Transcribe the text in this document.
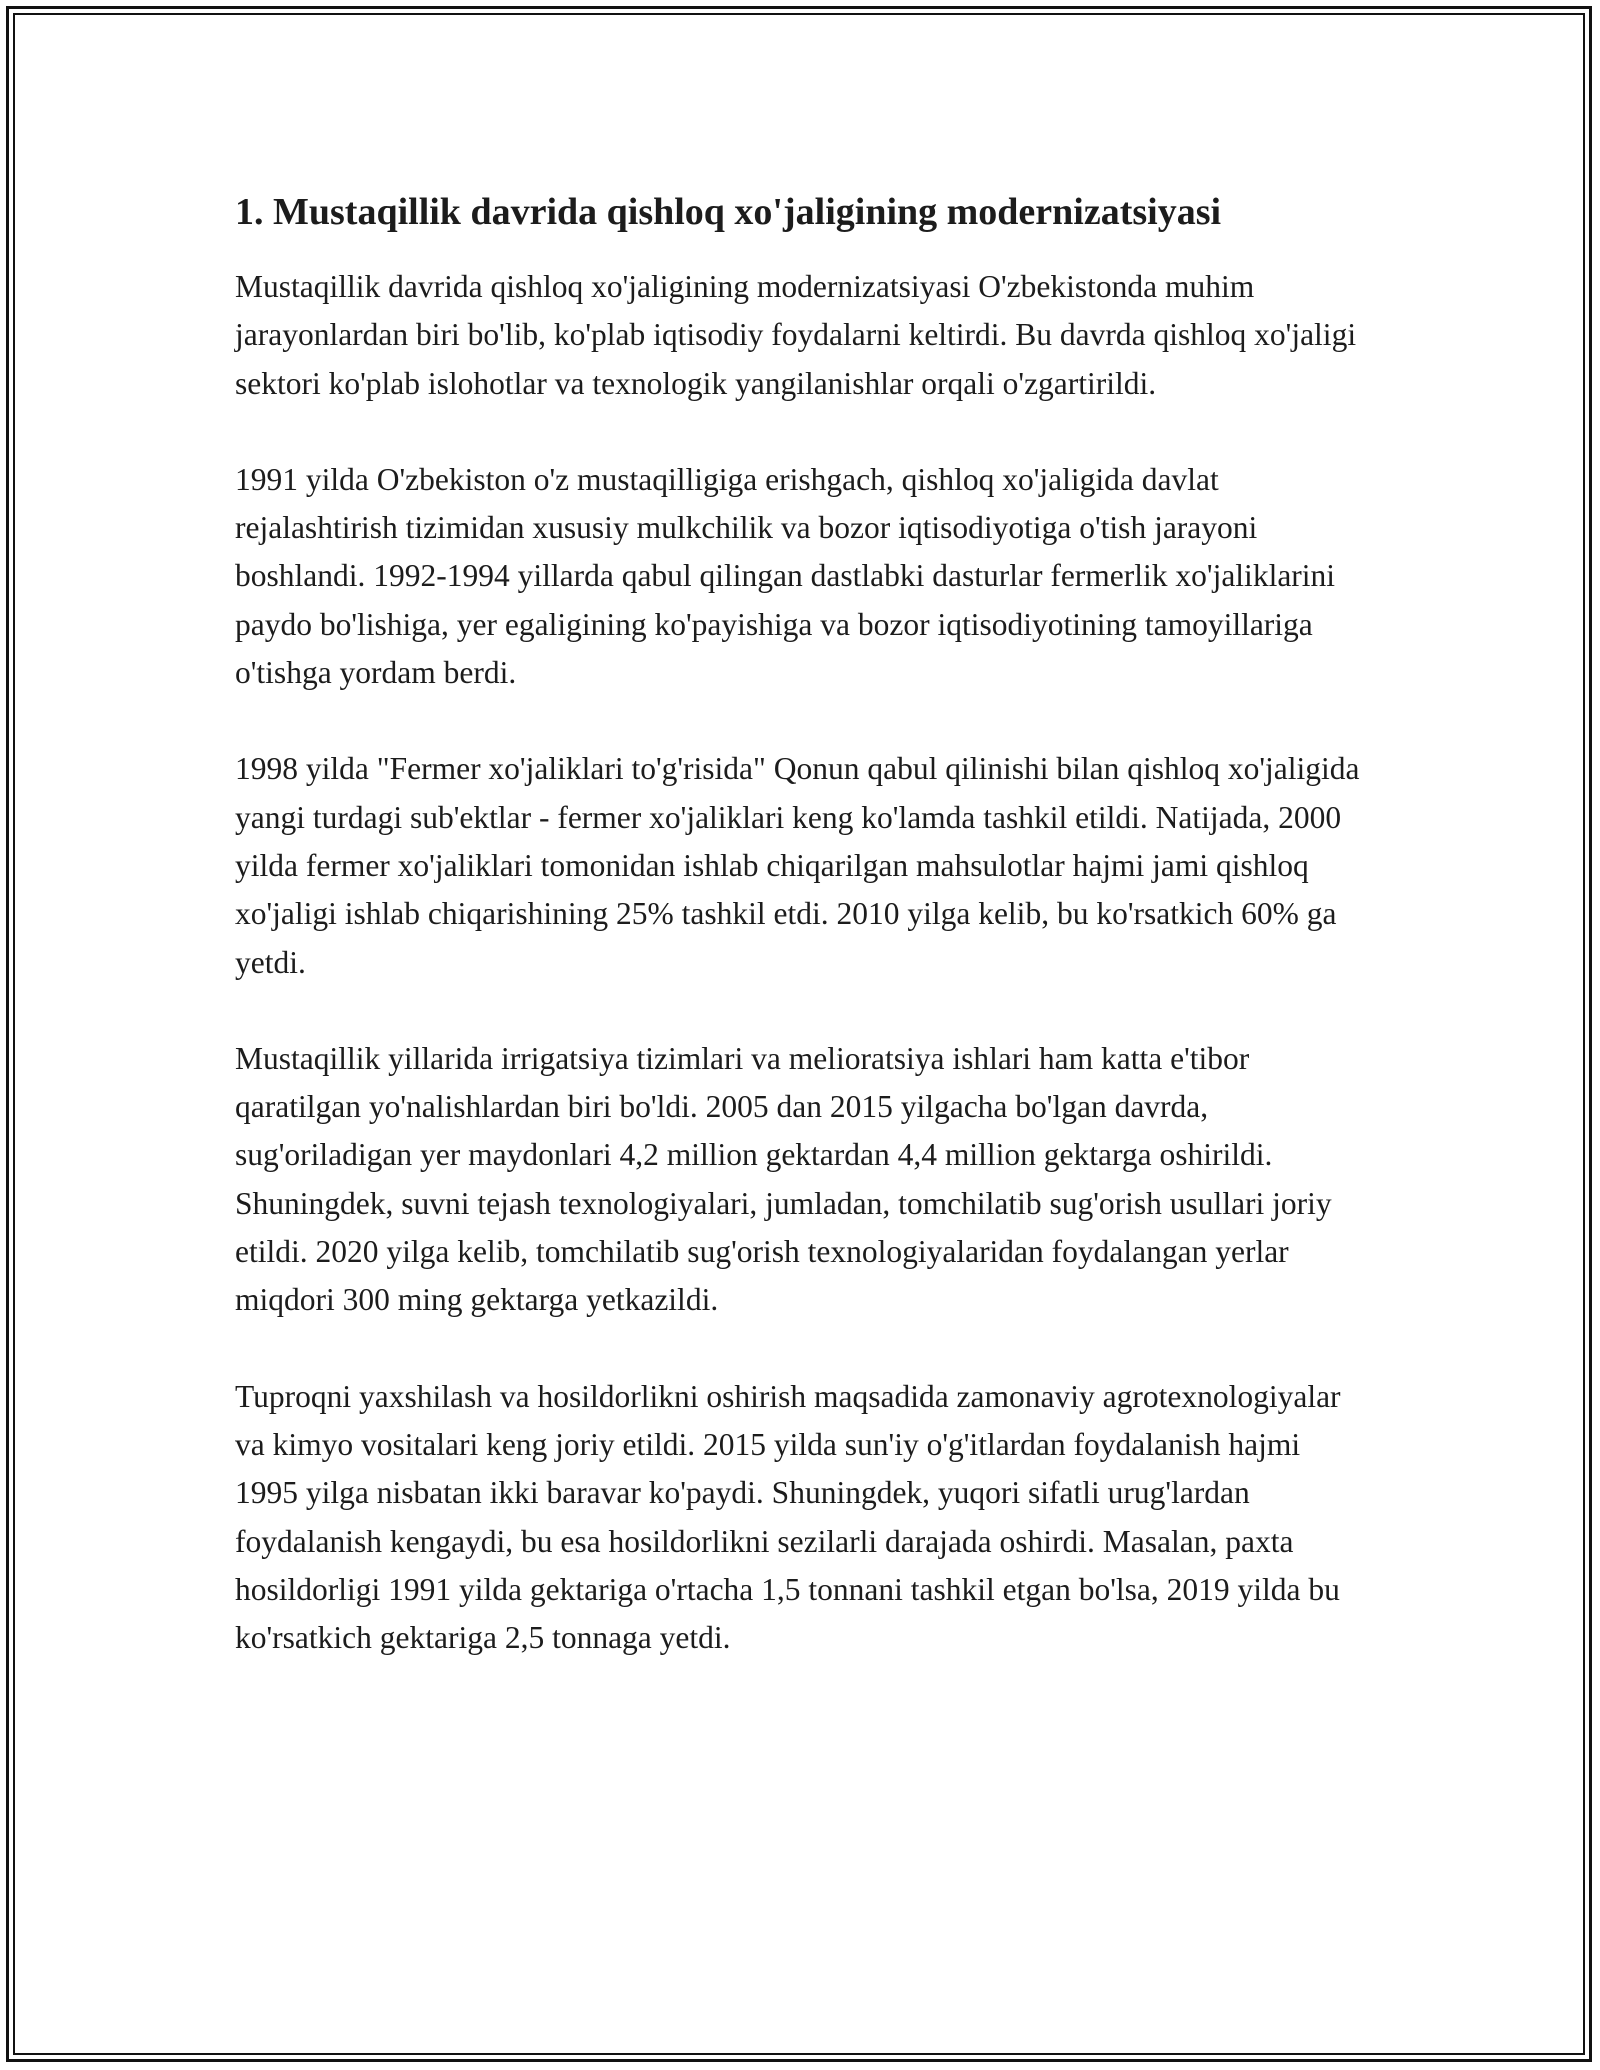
1. Mustaqillik davrida qishloq xo'jaligining modernizatsiyasi

Mustaqillik davrida qishloq xo'jaligining modernizatsiyasi O'zbekistonda muhim jarayonlardan biri bo'lib, ko'plab iqtisodiy foydalarni keltirdi. Bu davrda qishloq xo'jaligi sektori ko'plab islohotlar va texnologik yangilanishlar orqali o'zgartirildi.

1991 yilda O'zbekiston o'z mustaqilligiga erishgach, qishloq xo'jaligida davlat rejalashtirish tizimidan xususiy mulkchilik va bozor iqtisodiyotiga o'tish jarayoni boshlandi. 1992-1994 yillarda qabul qilingan dastlabki dasturlar fermerlik xo'jaliklarini paydo bo'lishiga, yer egaligining ko'payishiga va bozor iqtisodiyotining tamoyillariga o'tishga yordam berdi.

1998 yilda "Fermer xo'jaliklari to'g'risida" Qonun qabul qilinishi bilan qishloq xo'jaligida yangi turdagi sub'ektlar - fermer xo'jaliklari keng ko'lamda tashkil etildi. Natijada, 2000 yilda fermer xo'jaliklari tomonidan ishlab chiqarilgan mahsulotlar hajmi jami qishloq xo'jaligi ishlab chiqarishining 25% tashkil etdi. 2010 yilga kelib, bu ko'rsatkich 60% ga yetdi.

Mustaqillik yillarida irrigatsiya tizimlari va melioratsiya ishlari ham katta e'tibor qaratilgan yo'nalishlardan biri bo'ldi. 2005 dan 2015 yilgacha bo'lgan davrda, sug'oriladigan yer maydonlari 4,2 million gektardan 4,4 million gektarga oshirildi. Shuningdek, suvni tejash texnologiyalari, jumladan, tomchilatib sug'orish usullari joriy etildi. 2020 yilga kelib, tomchilatib sug'orish texnologiyalaridan foydalangan yerlar miqdori 300 ming gektarga yetkazildi.

Tuproqni yaxshilash va hosildorlikni oshirish maqsadida zamonaviy agrotexnologiyalar va kimyo vositalari keng joriy etildi. 2015 yilda sun'iy o'g'itlardan foydalanish hajmi 1995 yilga nisbatan ikki baravar ko'paydi. Shuningdek, yuqori sifatli urug'lardan foydalanish kengaydi, bu esa hosildorlikni sezilarli darajada oshirdi. Masalan, paxta hosildorligi 1991 yilda gektariga o'rtacha 1,5 tonnani tashkil etgan bo'lsa, 2019 yilda bu ko'rsatkich gektariga 2,5 tonnaga yetdi.
